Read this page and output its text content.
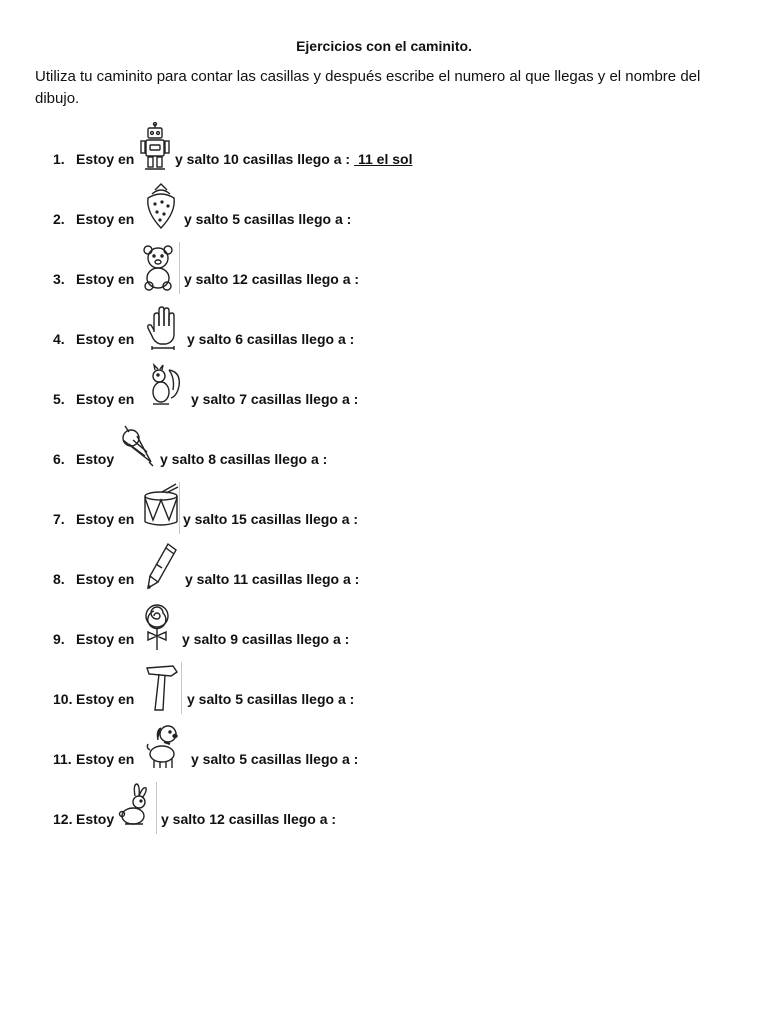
Ejercicios con el caminito.
Utiliza tu caminito para contar las casillas y después escribe el numero al que llegas y el nombre del dibujo.
1. Estoy en	y salto 10 casillas llego a : 11 el sol
2. Estoy en	y salto 5 casillas llego a :
3. Estoy en	y salto 12 casillas llego a :
4. Estoy en	y salto 6 casillas llego a :
5. Estoy en	y salto 7 casillas llego a :
6. Estoy	y salto 8 casillas llego a :
7. Estoy en	y salto 15 casillas llego a :
8. Estoy en	y salto 11 casillas llego a :
9. Estoy en	y salto 9 casillas llego a :
10. Estoy en	y salto 5 casillas llego a :
11. Estoy en	y salto 5 casillas llego a :
12. Estoy	y salto 12 casillas llego a :
